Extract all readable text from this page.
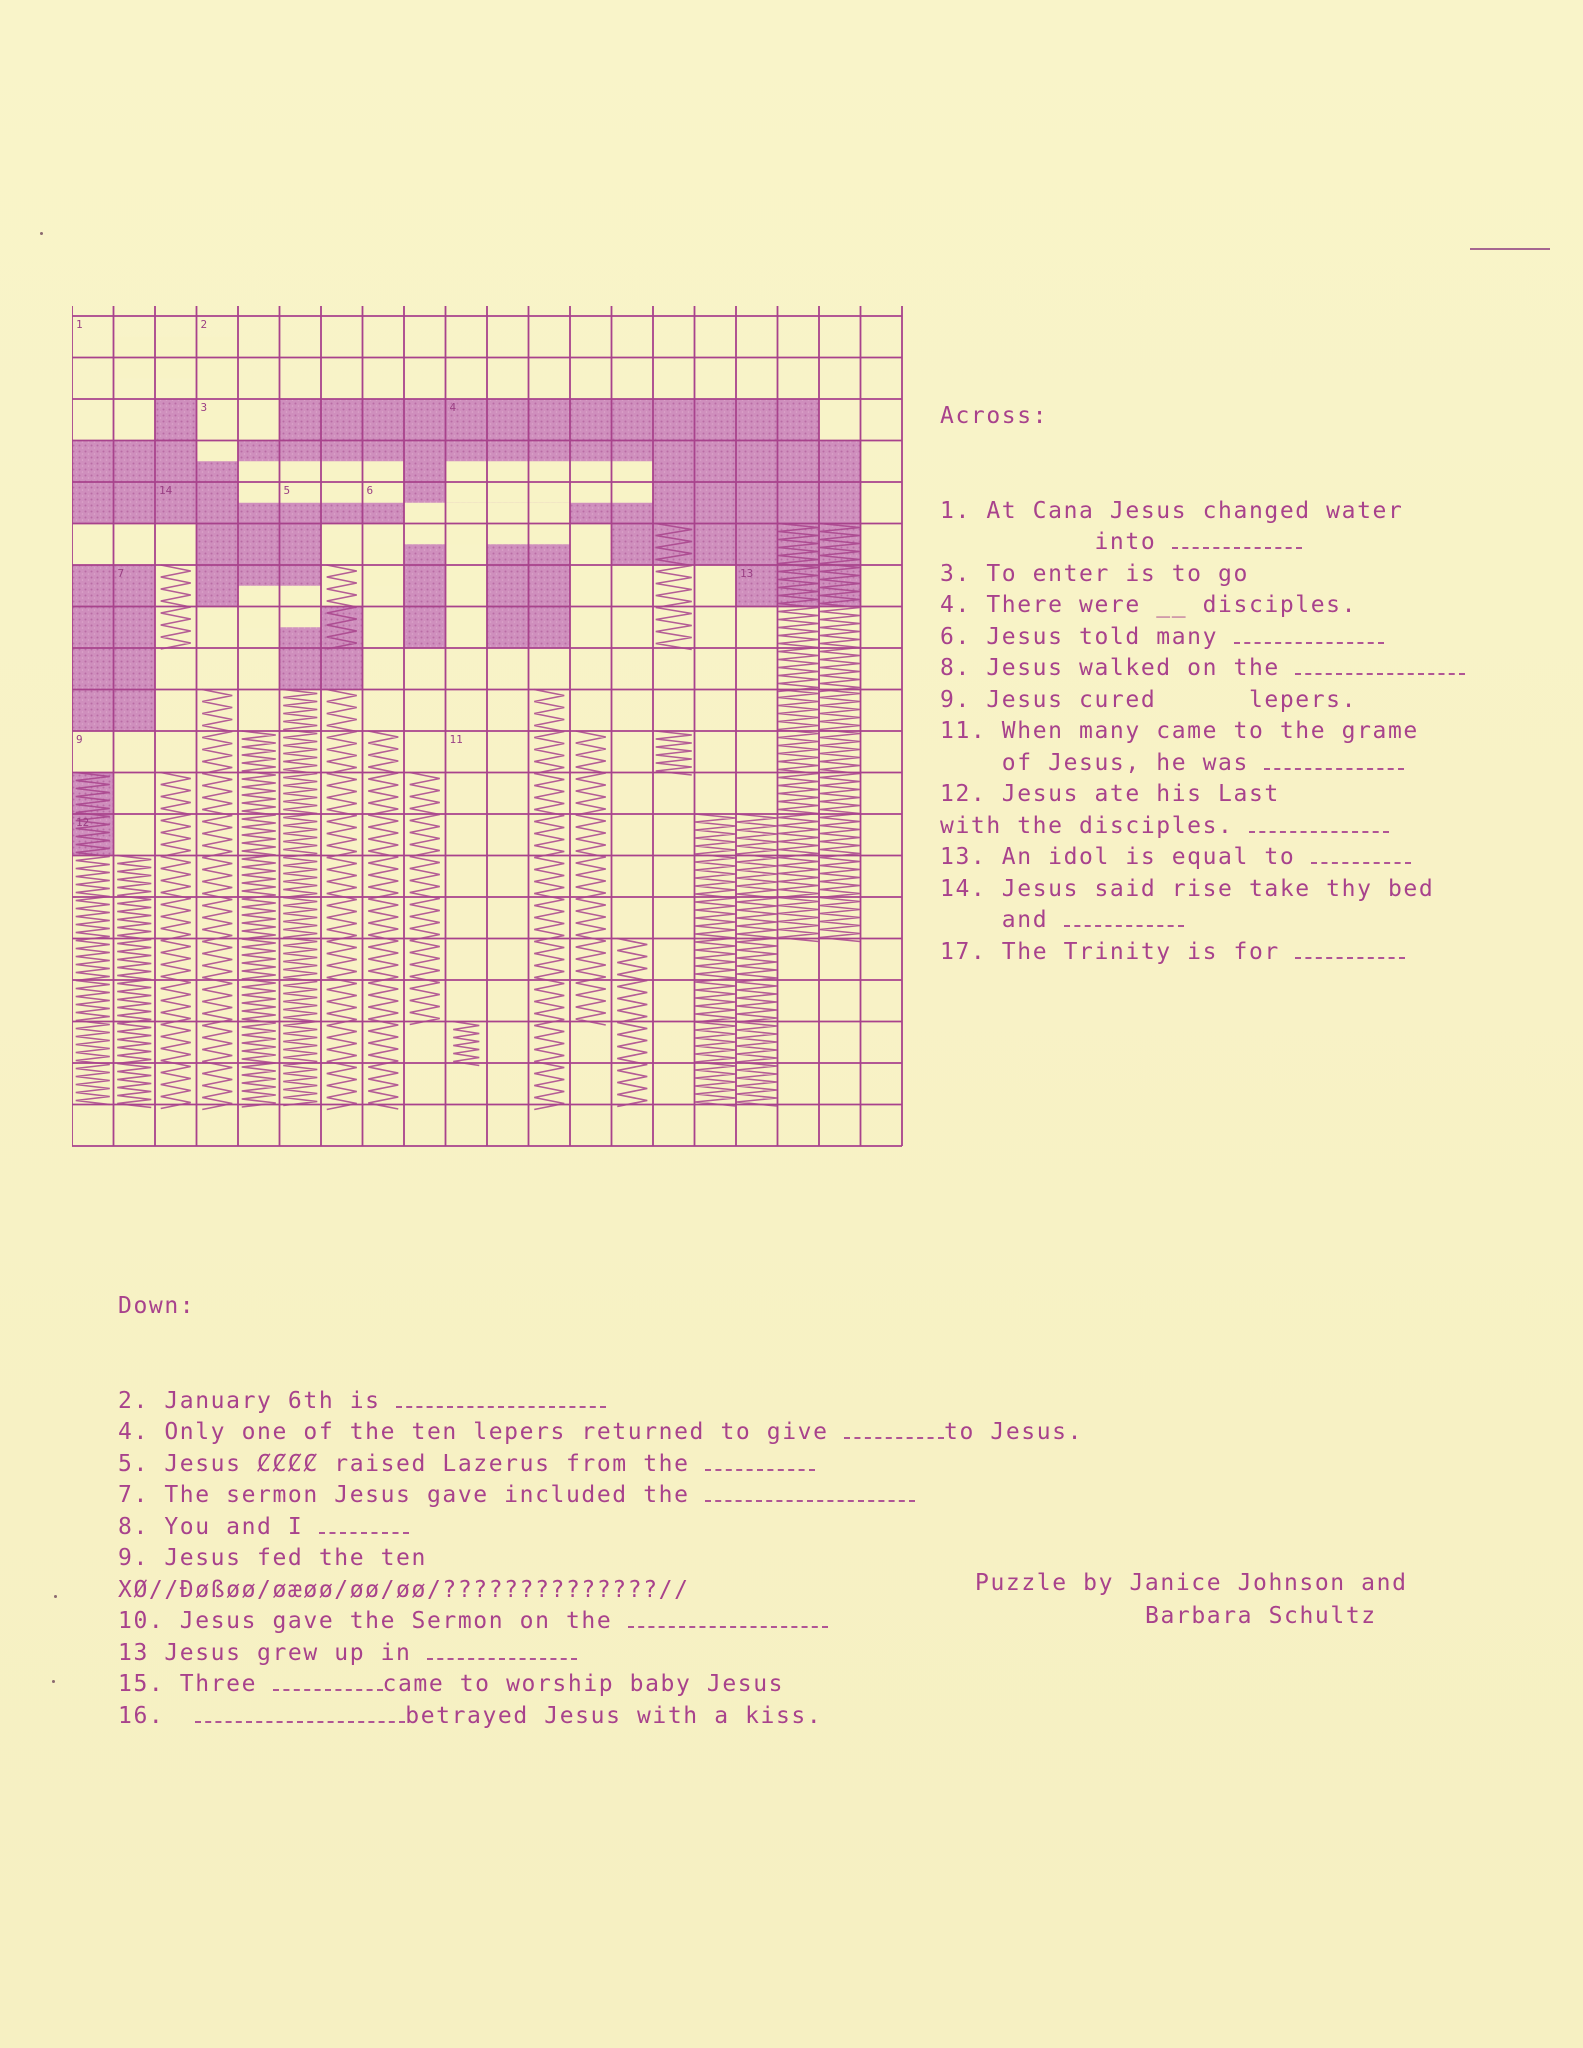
1	2
3	4
5	6
7
9	11
12
13
14

Across:

1. At Cana Jesus changed water
into
3. To enter is to go
4. There were __ disciples.
6. Jesus told many
8. Jesus walked on the
9. Jesus cured      lepers.
11. When many came to the grame
of Jesus, he was
12. Jesus ate his Last
with the disciples.
13. An idol is equal to
14. Jesus said rise take thy bed
and
17. The Trinity is for

Down:

2. January 6th is
4. Only one of the ten lepers returned to give	to Jesus.
5. Jesus ȻȻȻȻ raised Lazerus from the
7. The sermon Jesus gave included the
8. You and I
9. Jesus fed the ten
XØ//Ðøßøø/øæøø/øø/øø/??????????????//
10. Jesus gave the Sermon on the
13 Jesus grew up in
15. Three	came to worship baby Jesus
16.	betrayed Jesus with a kiss.

Puzzle by Janice Johnson and
Barbara Schultz
